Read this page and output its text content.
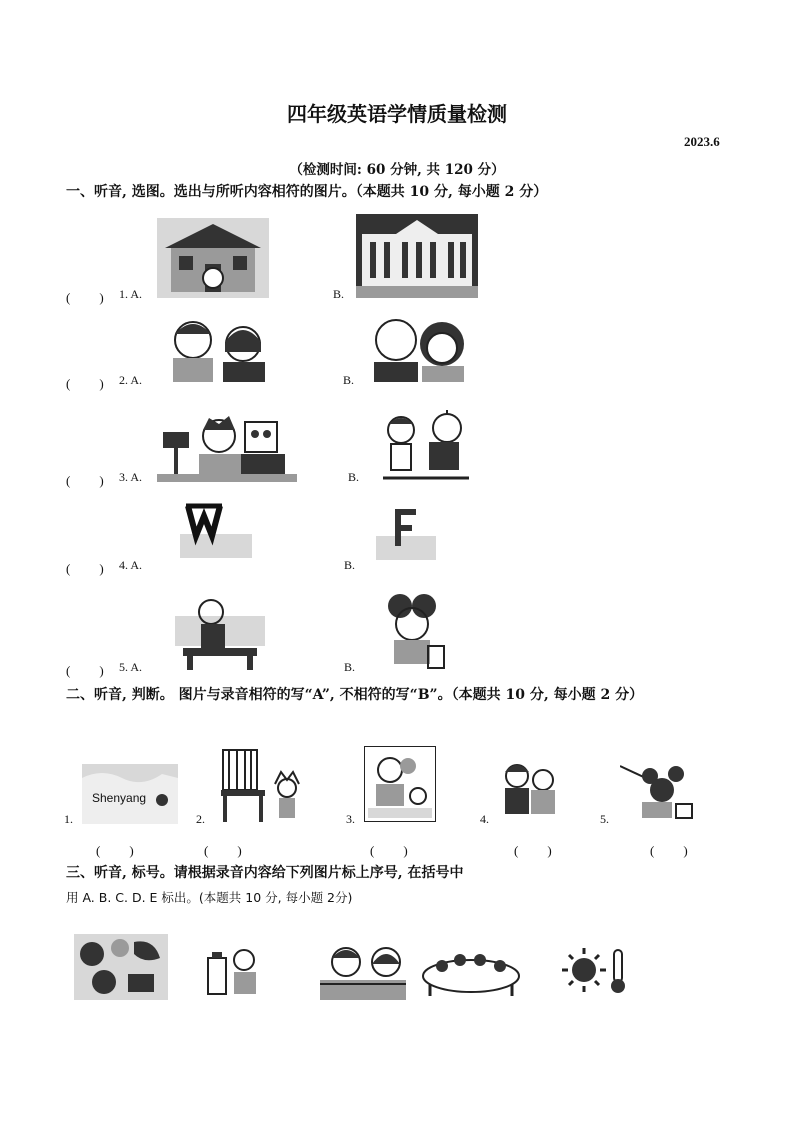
四年级英语学情质量检测
2023.6
（检测时间: 60 分钟, 共 120 分）
一、听音, 选图。选出与所听内容相符的图片。（本题共 10 分, 每小题 2 分）
(　　) 1. A.	B.
(　　) 2. A.	B.
(　　) 3. A.	B.
(　　) 4. A.	B.
(　　) 5. A.	B.
二、听音, 判断。 图片与录音相符的写“A”, 不相符的写“B”。（本题共 10 分, 每小题 2 分）
1.
Shenyang
(　　)
2.
(　　)
3.
(　　)
4.
(　　)
5.
(　　)
三、听音, 标号。请根据录音内容给下列图片标上序号, 在括号中
用 A. B. C. D. E 标出。(本题共 10 分, 每小题 2分)
